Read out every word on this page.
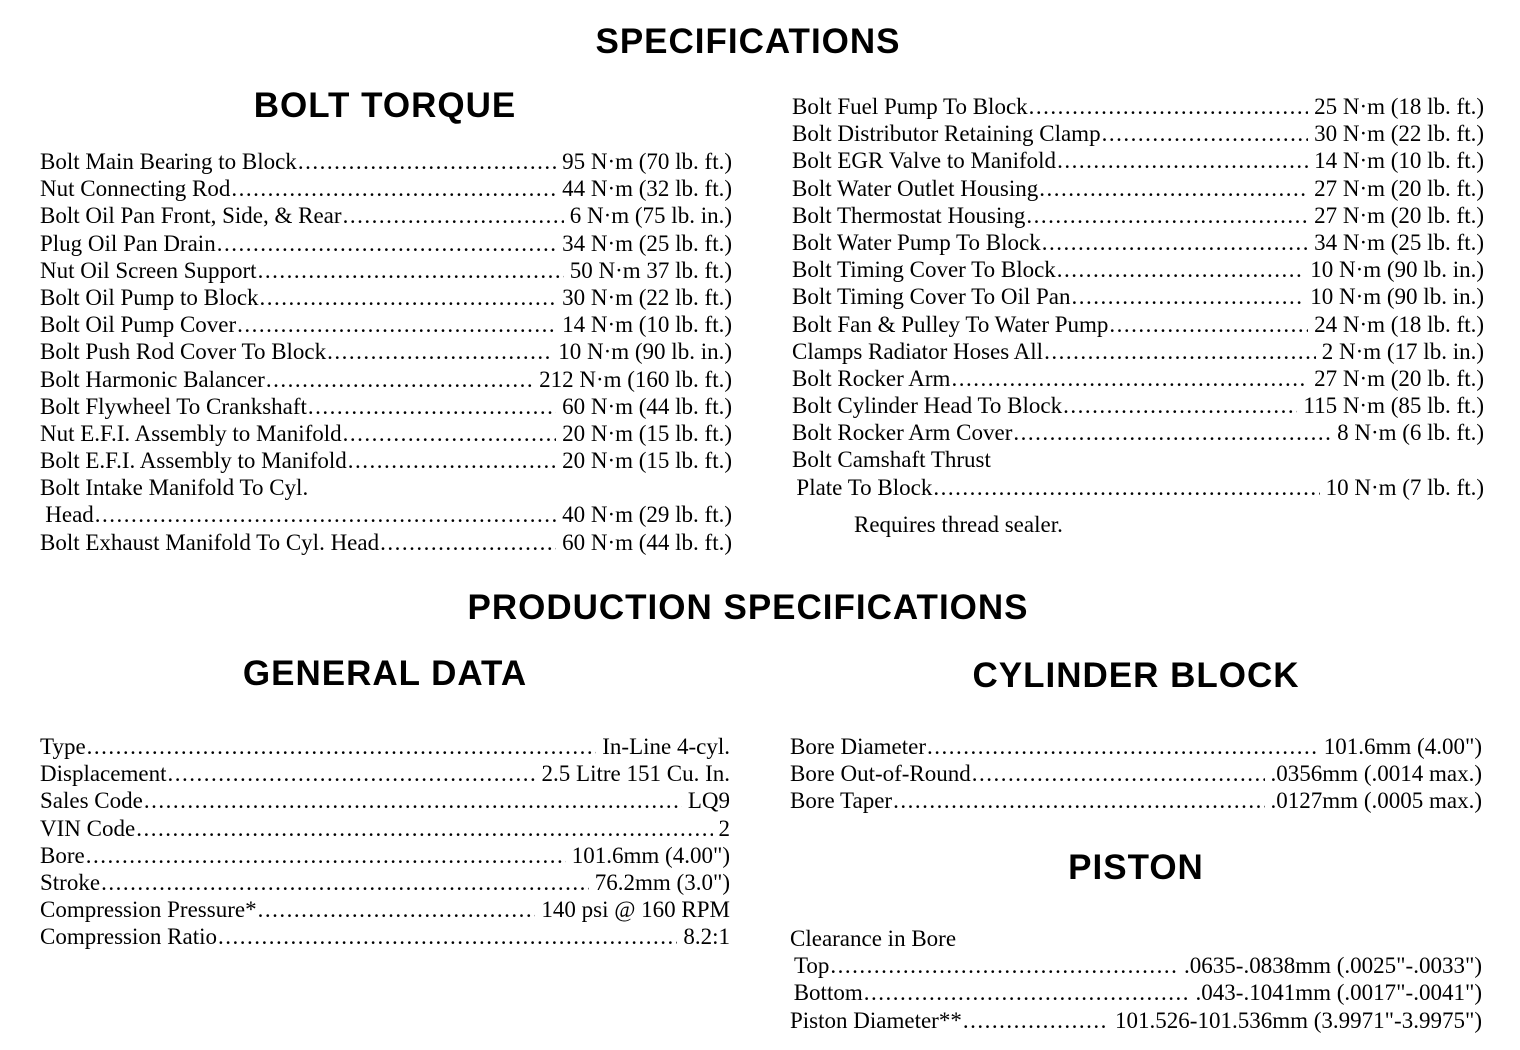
SPECIFICATIONS
BOLT TORQUE
Bolt Main Bearing to Block .....	95 N·m (70 lb. ft.)
Nut Connecting Rod .....	44 N·m (32 lb. ft.)
Bolt Oil Pan Front, Side, & Rear .....	6 N·m (75 lb. in.)
Plug Oil Pan Drain .....	34 N·m (25 lb. ft.)
Nut Oil Screen Support .....	50 N·m 37 lb. ft.)
Bolt Oil Pump to Block .....	30 N·m (22 lb. ft.)
Bolt Oil Pump Cover .....	14 N·m (10 lb. ft.)
Bolt Push Rod Cover To Block .....	10 N·m (90 lb. in.)
Bolt Harmonic Balancer .....	212 N·m (160 lb. ft.)
Bolt Flywheel To Crankshaft .....	60 N·m (44 lb. ft.)
Nut E.F.I. Assembly to Manifold .....	20 N·m (15 lb. ft.)
Bolt E.F.I. Assembly to Manifold .....	20 N·m (15 lb. ft.)
Bolt Intake Manifold To Cyl.
Head .....	40 N·m (29 lb. ft.)
Bolt Exhaust Manifold To Cyl. Head .....	60 N·m (44 lb. ft.)
Bolt Fuel Pump To Block .....	25 N·m (18 lb. ft.)
Bolt Distributor Retaining Clamp .....	30 N·m (22 lb. ft.)
Bolt EGR Valve to Manifold .....	14 N·m (10 lb. ft.)
Bolt Water Outlet Housing .....	27 N·m (20 lb. ft.)
Bolt Thermostat Housing .....	27 N·m (20 lb. ft.)
Bolt Water Pump To Block .....	34 N·m (25 lb. ft.)
Bolt Timing Cover To Block .....	10 N·m (90 lb. in.)
Bolt Timing Cover To Oil Pan .....	10 N·m (90 lb. in.)
Bolt Fan & Pulley To Water Pump .....	24 N·m (18 lb. ft.)
Clamps Radiator Hoses All .....	2 N·m (17 lb. in.)
Bolt Rocker Arm .....	27 N·m (20 lb. ft.)
Bolt Cylinder Head To Block .....	115 N·m (85 lb. ft.)
Bolt Rocker Arm Cover .....	8 N·m (6 lb. ft.)
Bolt Camshaft Thrust
Plate To Block .....	10 N·m (7 lb. ft.)
Requires thread sealer.
PRODUCTION SPECIFICATIONS
GENERAL DATA
Type .....	In-Line 4-cyl.
Displacement .....	2.5 Litre 151 Cu. In.
Sales Code .....	LQ9
VIN Code .....	2
Bore .....	101.6mm (4.00")
Stroke .....	76.2mm (3.0")
Compression Pressure* .....	140 psi @ 160 RPM
Compression Ratio .....	8.2:1
CYLINDER BLOCK
Bore Diameter .....	101.6mm (4.00")
Bore Out-of-Round .....	.0356mm (.0014 max.)
Bore Taper .....	.0127mm (.0005 max.)
PISTON
Clearance in Bore
Top .....	.0635-.0838mm (.0025"-.0033")
Bottom .....	.043-.1041mm (.0017"-.0041")
Piston Diameter** .....	101.526-101.536mm (3.9971"-3.9975")
